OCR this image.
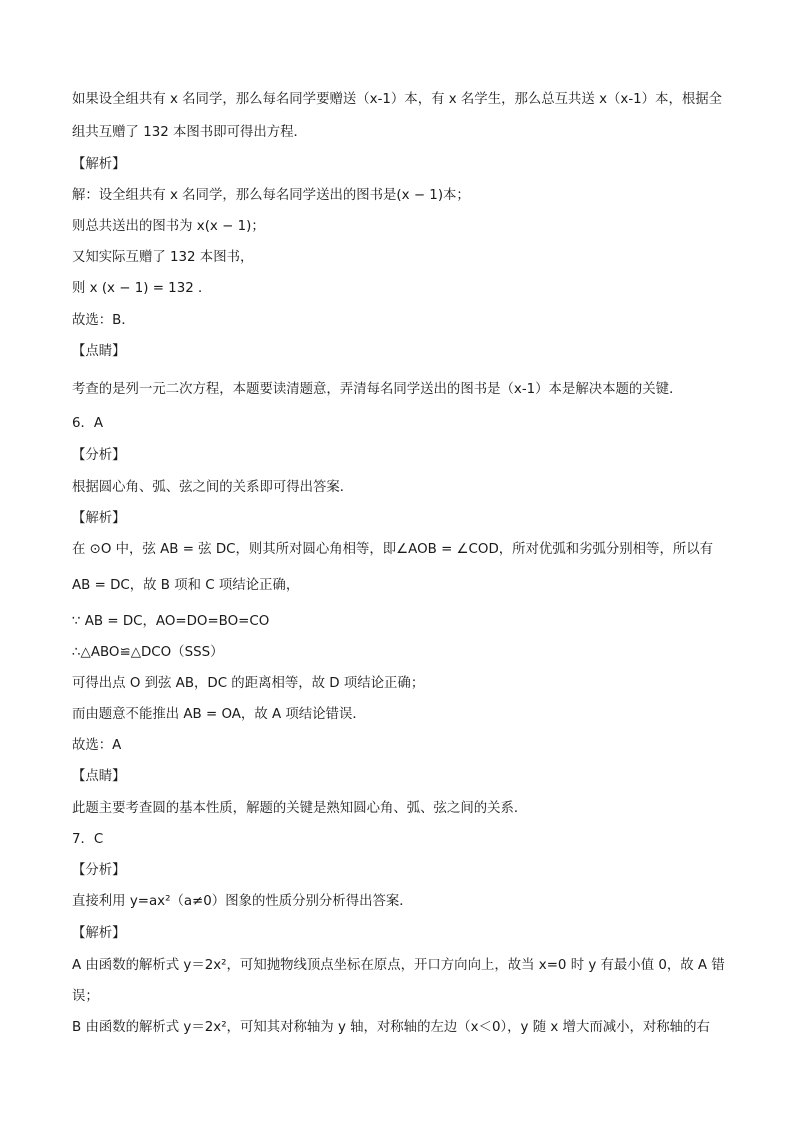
如果设全组共有 x 名同学，那么每名同学要赠送（x-1）本，有 x 名学生，那么总互共送 x（x-1）本，根据全
组共互赠了 132 本图书即可得出方程．
【解析】
解：设全组共有 x 名同学，那么每名同学送出的图书是(x − 1)本；
则总共送出的图书为 x(x − 1)；
又知实际互赠了 132 本图书，
则 x (x − 1) = 132 ．
故选：B．
【点睛】
考查的是列一元二次方程，本题要读清题意，弄清每名同学送出的图书是（x-1）本是解决本题的关键．
6．A
【分析】
根据圆心角、弧、弦之间的关系即可得出答案．
【解析】
在 ⊙O 中，弦 AB = 弦 DC，则其所对圆心角相等，即∠AOB = ∠COD，所对优弧和劣弧分别相等，所以有
AB = DC，故 B 项和 C 项结论正确，
∵ AB = DC，AO=DO=BO=CO
∴△ABO≌△DCO（SSS）
可得出点 O 到弦 AB，DC 的距离相等，故 D 项结论正确；
而由题意不能推出 AB = OA，故 A 项结论错误．
故选：A
【点睛】
此题主要考查圆的基本性质，解题的关键是熟知圆心角、弧、弦之间的关系．
7．C
【分析】
直接利用 y=ax²（a≠0）图象的性质分别分析得出答案．
【解析】
A 由函数的解析式 y＝2x²，可知抛物线顶点坐标在原点，开口方向向上，故当 x=0 时 y 有最小值 0，故 A 错
误；
B 由函数的解析式 y＝2x²，可知其对称轴为 y 轴，对称轴的左边（x＜0），y 随 x 增大而减小，对称轴的右
